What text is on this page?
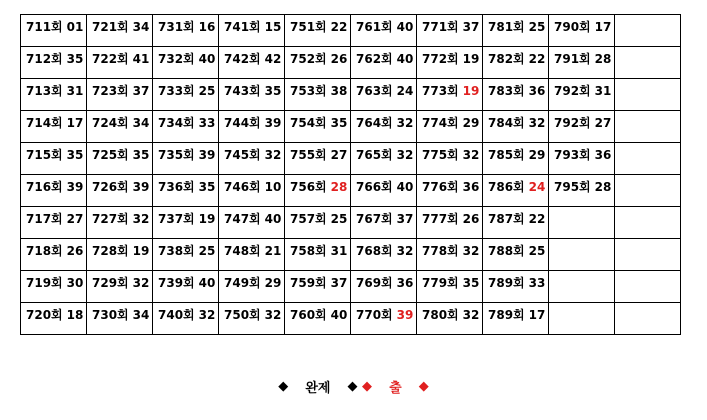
711회 01	721회 34	731회 16	741회 15	751회 22	761회 40	771회 37	781회 25	790회 17	
712회 35	722회 41	732회 40	742회 42	752회 26	762회 40	772회 19	782회 22	791회 28	
713회 31	723회 37	733회 25	743회 35	753회 38	763회 24	773회 19	783회 36	792회 31	
714회 17	724회 34	734회 33	744회 39	754회 35	764회 32	774회 29	784회 32	792회 27	
715회 35	725회 35	735회 39	745회 32	755회 27	765회 32	775회 32	785회 29	793회 36	
716회 39	726회 39	736회 35	746회 10	756회 28	766회 40	776회 36	786회 24	795회 28	
717회 27	727회 32	737회 19	747회 40	757회 25	767회 37	777회 26	787회 22		
718회 26	728회 19	738회 25	748회 21	758회 31	768회 32	778회 32	788회 25		
719회 30	729회 32	739회 40	749회 29	759회 37	769회 36	779회 35	789회 33		
720회 18	730회 34	740회 32	750회 32	760회 40	770회 39	780회 32	789회 17		
◆ 완제 ◆ ◆ 출 ◆
